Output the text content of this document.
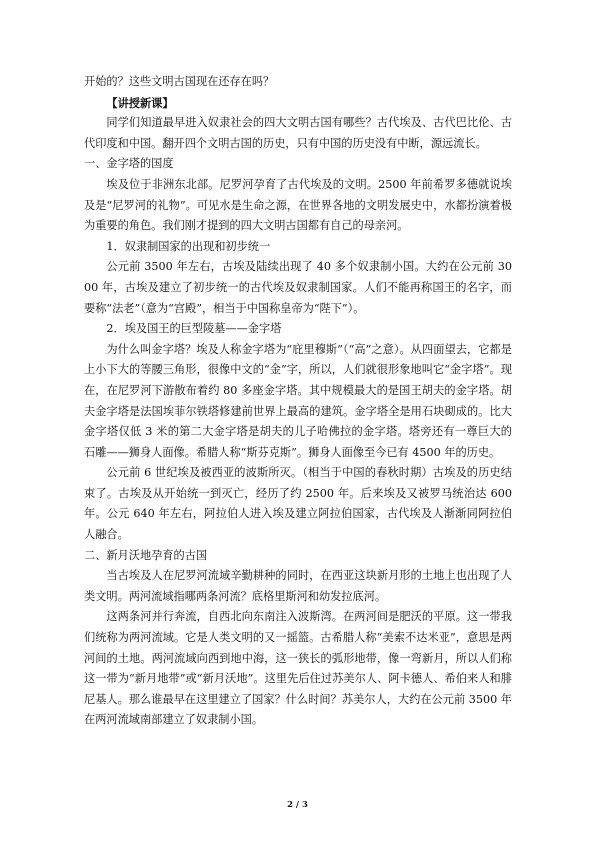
开始的？这些文明古国现在还存在吗？

【讲授新课】

同学们知道最早进入奴隶社会的四大文明古国有哪些？古代埃及、古代巴比伦、古代印度和中国。翻开四个文明古国的历史，只有中国的历史没有中断，源远流长。

一、金字塔的国度

埃及位于非洲东北部。尼罗河孕育了古代埃及的文明。2500 年前希罗多德就说埃及是“尼罗河的礼物”。可见水是生命之源，在世界各地的文明发展史中，水都扮演着极为重要的角色。我们刚才提到的四大文明古国都有自己的母亲河。

1．奴隶制国家的出现和初步统一

公元前 3500 年左右，古埃及陆续出现了 40 多个奴隶制小国。大约在公元前 3000 年，古埃及建立了初步统一的古代埃及奴隶制国家。人们不能再称国王的名字，而要称“法老”（意为“宫殿”，相当于中国称皇帝为“陛下”）。

2．埃及国王的巨型陵墓——金字塔

为什么叫金字塔？埃及人称金字塔为“庇里穆斯”（“高”之意）。从四面望去，它都是上小下大的等腰三角形，很像中文的“金”字，所以，人们就很形象地叫它“金字塔”。现在，在尼罗河下游散布着约 80 多座金字塔。其中规模最大的是国王胡夫的金字塔。胡夫金字塔是法国埃菲尔铁塔修建前世界上最高的建筑。金字塔全是用石块砌成的。比大金字塔仅低 3 米的第二大金字塔是胡夫的儿子哈佛拉的金字塔。塔旁还有一尊巨大的石雕——狮身人面像。希腊人称“斯芬克斯”。狮身人面像至今已有 4500 年的历史。

公元前 6 世纪埃及被西亚的波斯所灭。（相当于中国的春秋时期）古埃及的历史结束了。古埃及从开始统一到灭亡，经历了约 2500 年。后来埃及又被罗马统治达 600 年。公元 640 年左右，阿拉伯人进入埃及建立阿拉伯国家，古代埃及人渐渐同阿拉伯人融合。

二、新月沃地孕育的古国

当古埃及人在尼罗河流域辛勤耕种的同时，在西亚这块新月形的土地上也出现了人类文明。两河流域指哪两条河流？底格里斯河和幼发拉底河。

这两条河并行奔流，自西北向东南注入波斯湾。在两河间是肥沃的平原。这一带我们统称为两河流域。它是人类文明的又一摇篮。古希腊人称“美索不达米亚”，意思是两河间的土地。两河流域向西到地中海，这一狭长的弧形地带，像一弯新月，所以人们称这一带为“新月地带”或“新月沃地”。这里先后住过苏美尔人、阿卡德人、希伯来人和腓尼基人。那么谁最早在这里建立了国家？什么时间？苏美尔人，大约在公元前 3500 年在两河流域南部建立了奴隶制小国。

2 / 3
